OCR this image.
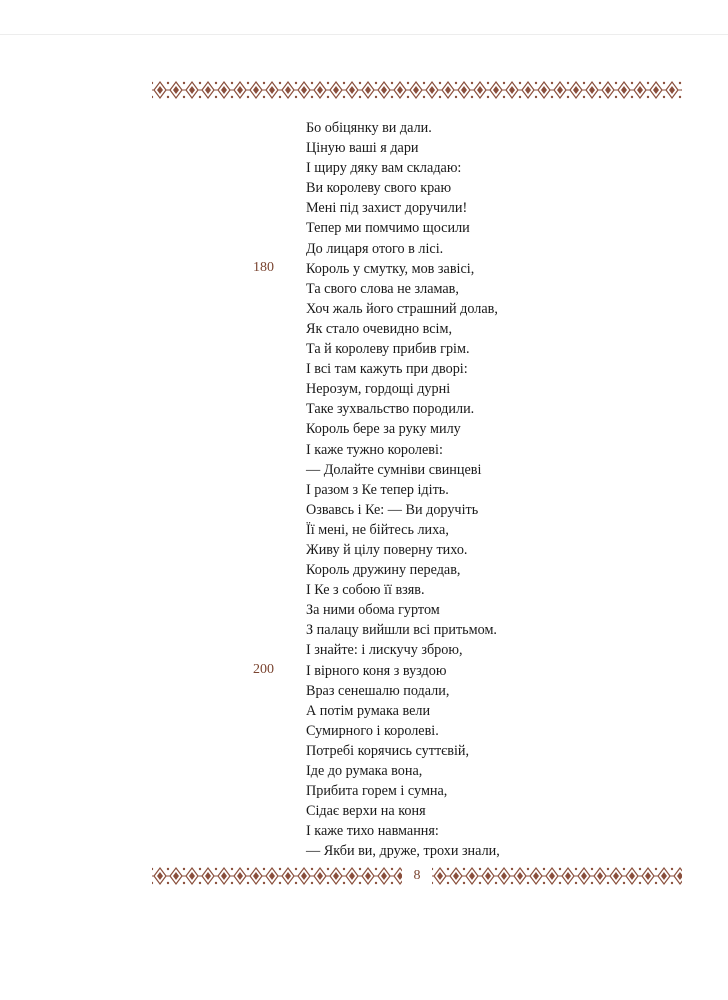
Бо обіцянку ви дали.
Ціную ваші я дари
І щиру дяку вам складаю:
Ви королеву свого краю
Мені під захист доручили!
Тепер ми помчимо щосили
До лицаря отого в лісі.
Король у смутку, мов завісі,
Та свого слова не зламав,
Хоч жаль його страшний долав,
Як стало очевидно всім,
Та й королеву прибив грім.
І всі там кажуть при дворі:
Нерозум, гордощі дурні
Таке зухвальство породили.
Король бере за руку милу
І каже тужно королеві:
— Долайте сумніви свинцеві
І разом з Ке тепер ідіть.
Озвавсь і Ке: — Ви доручіть
Її мені, не бійтесь лиха,
Живу й цілу поверну тихо.
Король дружину передав,
І Ке з собою її взяв.
За ними обома гуртом
З палацу вийшли всі притьмом.
І знайте: і лискучу зброю,
І вірного коня з вуздою
Враз сенешалю подали,
А потім румака вели
Сумирного і королеві.
Потребі корячись суттєвій,
Іде до румака вона,
Прибита горем і сумна,
Сідає верхи на коня
І каже тихо навмання:
— Якби ви, друже, трохи знали,
180
200
8
